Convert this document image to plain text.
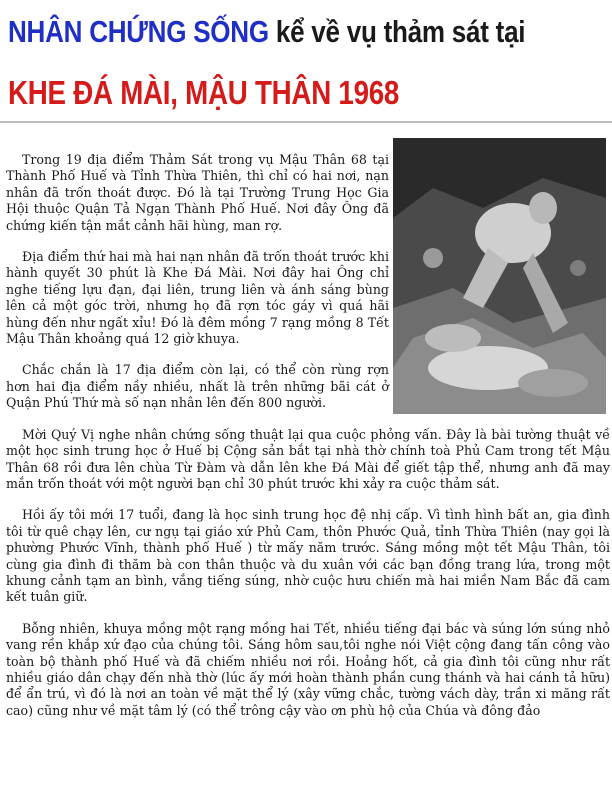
NHÂN CHỨNG SỐNG kể về vụ thảm sát tại
KHE ĐÁ MÀI, MẬU THÂN 1968

Trong 19 địa điểm Thảm Sát trong vụ Mậu Thân 68 tại Thành Phố Huế và Tỉnh Thừa Thiên, thì chỉ có hai nơi, nạn nhân đã trốn thoát được. Đó là tại Trường Trung Học Gia Hội thuộc Quận Tả Ngạn Thành Phố Huế. Nơi đây Ông đã chứng kiến tận mắt cảnh hãi hùng, man rợ.

Địa điểm thứ hai mà hai nạn nhân đã trốn thoát trước khi hành quyết 30 phút là Khe Đá Mài. Nơi đây hai Ông chỉ nghe tiếng lựu đạn, đại liên, trung liên và ánh sáng bùng lên cả một góc trời, nhưng họ đã rợn tóc gáy vì quá hãi hùng đến như ngất xỉu! Đó là đêm mồng 7 rạng mồng 8 Tết Mậu Thân khoảng quá 12 giờ khuya.

Chắc chắn là 17 địa điểm còn lại, có thể còn rùng rợn hơn hai địa điểm nầy nhiều, nhất là trên những bãi cát ở Quận Phú Thứ mà số nạn nhân lên đến 800 người.

Mời Quý Vị nghe nhân chứng sống thuật lại qua cuộc phỏng vấn. Đây là bài tường thuật về một học sinh trung học ở Huế bị Cộng sản bắt tại nhà thờ chính toà Phủ Cam trong tết Mậu Thân 68 rồi đưa lên chùa Từ Đàm và dẫn lên khe Đá Mài để giết tập thể, nhưng anh đã may mắn trốn thoát với một người bạn chỉ 30 phút trước khi xảy ra cuộc thảm sát.

Hồi ấy tôi mới 17 tuổi, đang là học sinh trung học đệ nhị cấp. Vì tình hình bất an, gia đình tôi từ quê chạy lên, cư ngụ tại giáo xứ Phủ Cam, thôn Phước Quả, tỉnh Thừa Thiên (nay gọi là phường Phước Vĩnh, thành phố Huế ) từ mấy năm trước. Sáng mồng một tết Mậu Thân, tôi cùng gia đình đi thăm bà con thân thuộc và du xuân với các bạn đồng trang lứa, trong một khung cảnh tạm an bình, vắng tiếng súng, nhờ cuộc hưu chiến mà hai miền Nam Bắc đã cam kết tuân giữ.

Bỗng nhiên, khuya mồng một rạng mồng hai Tết, nhiều tiếng đại bác và súng lớn súng nhỏ vang rền khắp xứ đạo của chúng tôi. Sáng hôm sau,tôi nghe nói Việt cộng đang tấn công vào toàn bộ thành phố Huế và đã chiếm nhiều nơi rồi. Hoảng hốt, cả gia đình tôi cũng như rất nhiều giáo dân chạy đến nhà thờ (lúc ấy mới hoàn thành phần cung thánh và hai cánh tả hữu) để ẩn trú, vì đó là nơi an toàn về mặt thể lý (xây vững chắc, tường vách dày, trần xi măng rất cao) cũng như về mặt tâm lý (có thể trông cậy vào ơn phù hộ của Chúa và đông đảo
